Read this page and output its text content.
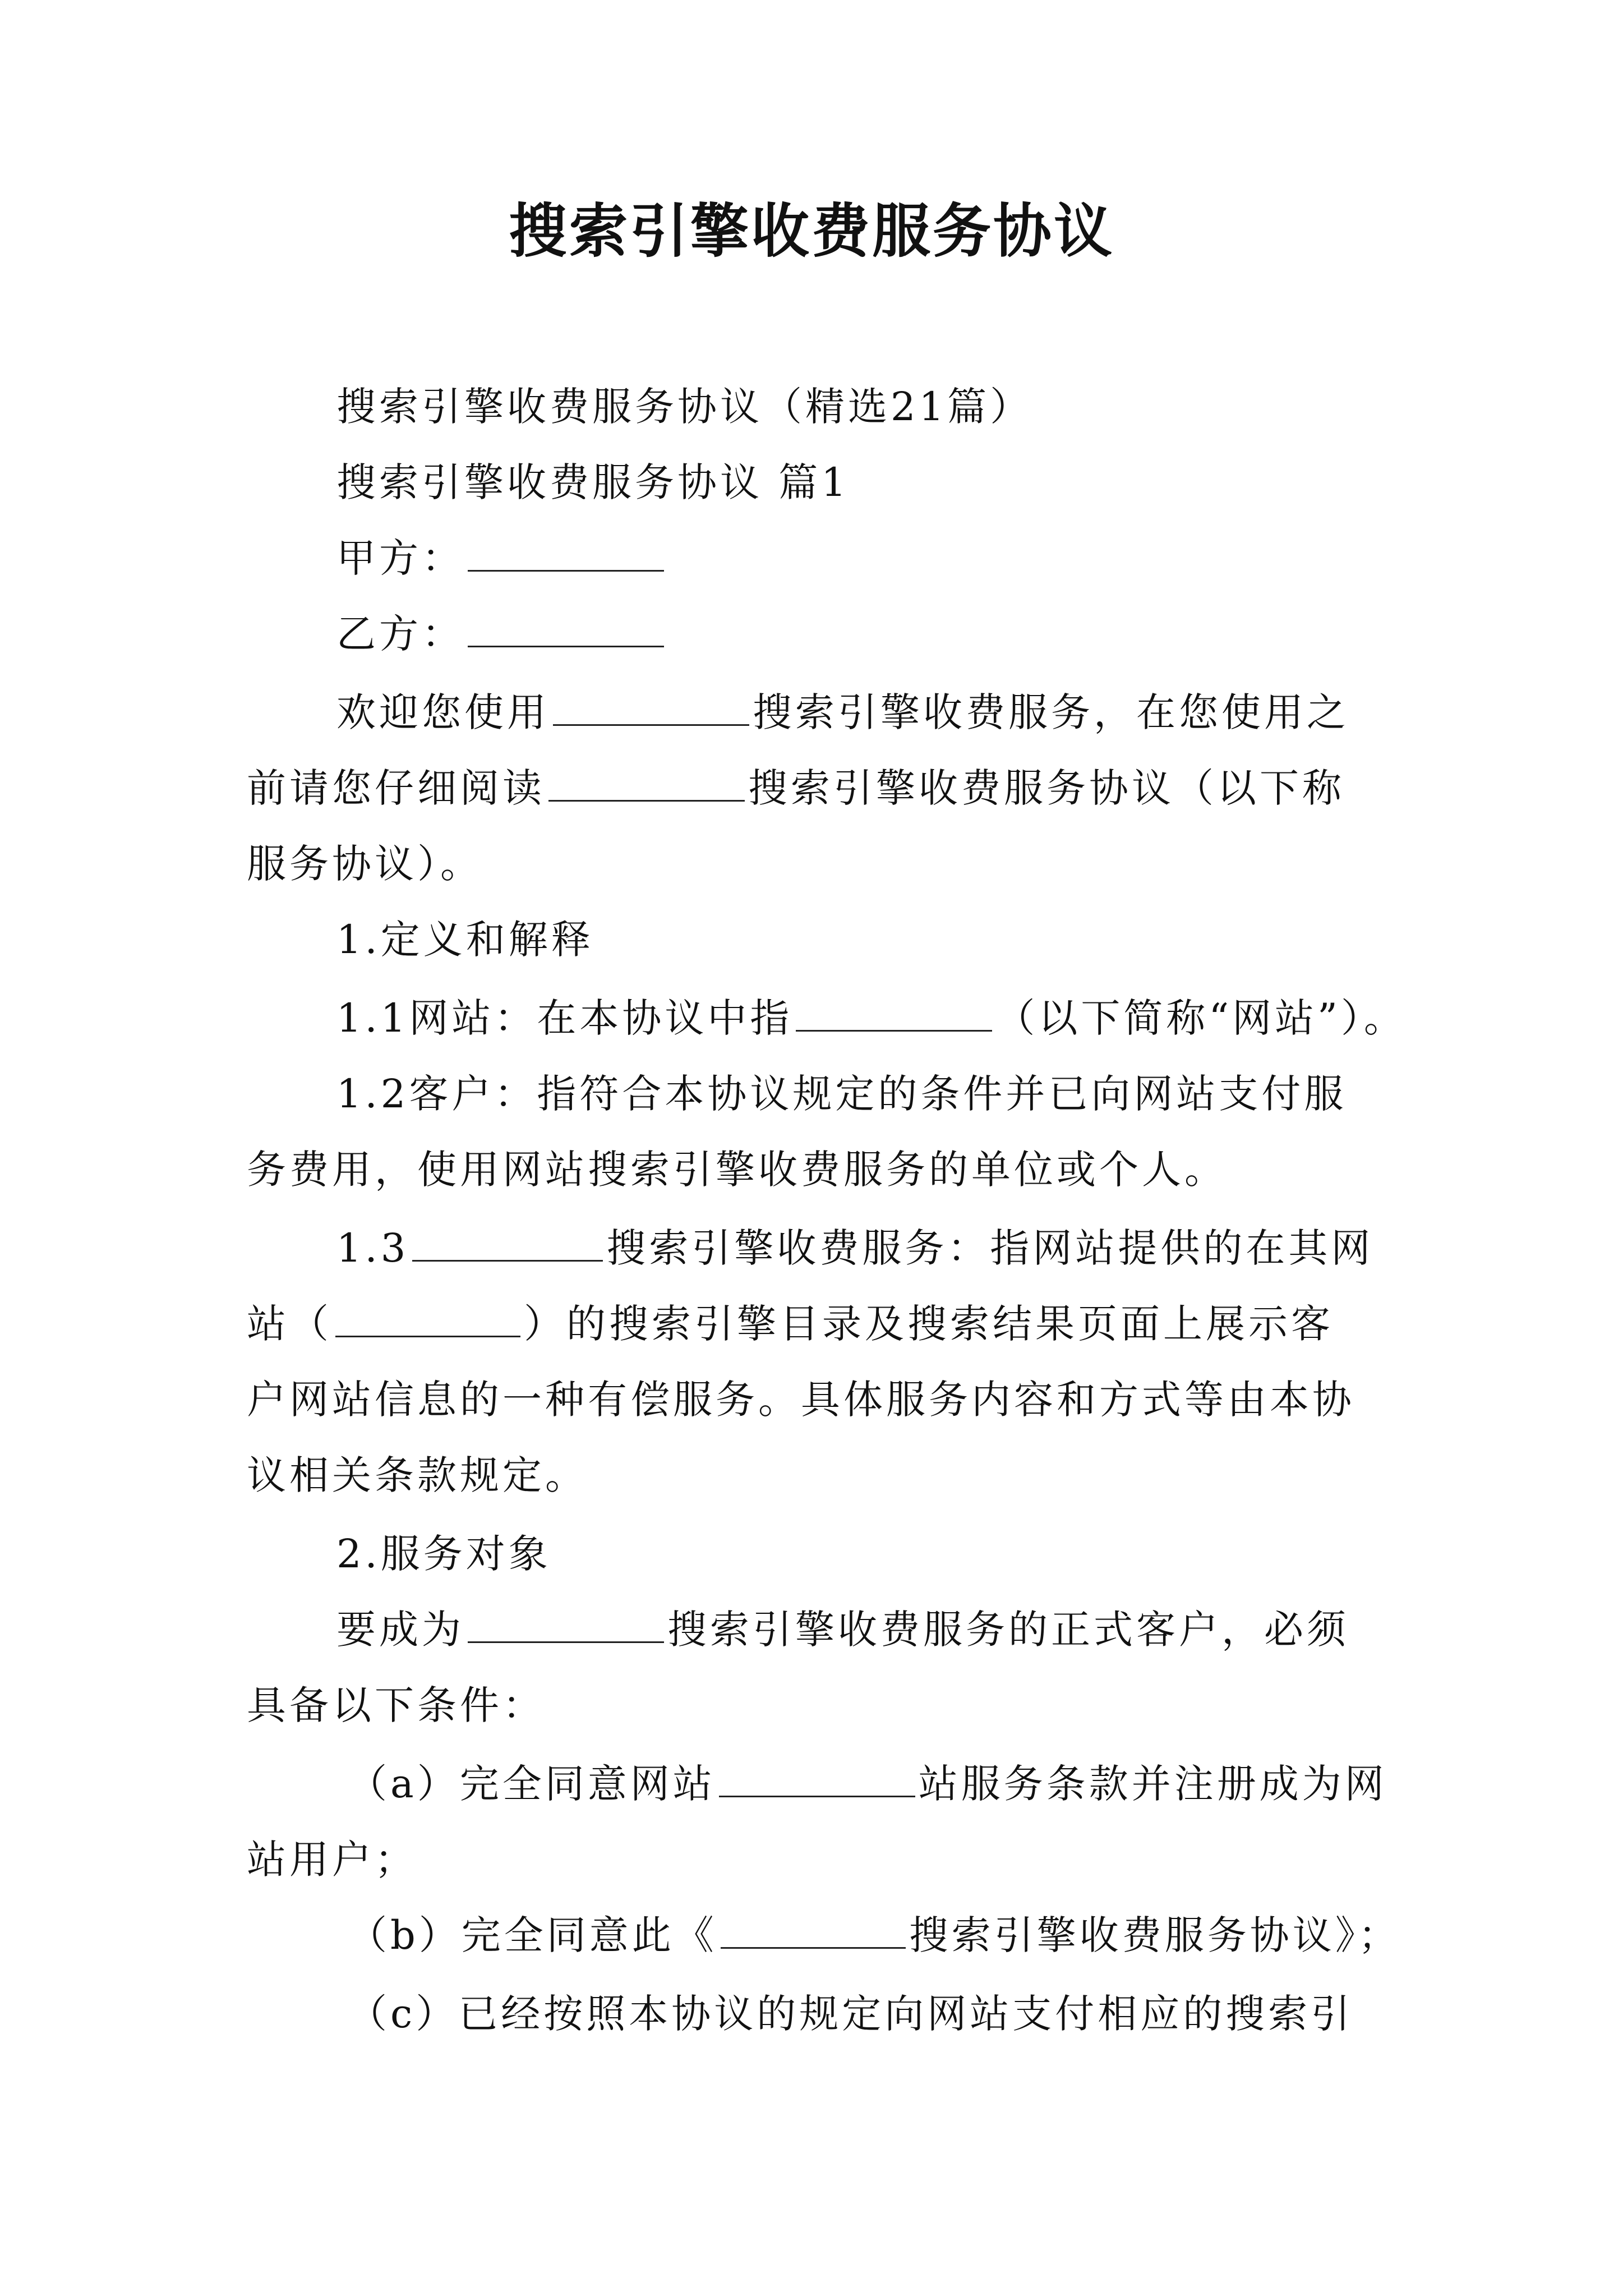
搜索引擎收费服务协议
搜索引擎收费服务协议（精选21篇）
搜索引擎收费服务协议 篇1
甲方：
乙方：
欢迎您使用	搜索引擎收费服务，在您使用之
前请您仔细阅读	搜索引擎收费服务协议（以下称
服务协议）。
1.定义和解释
1.1网站：在本协议中指	（以下简称“网站”）。
1.2客户：指符合本协议规定的条件并已向网站支付服
务费用，使用网站搜索引擎收费服务的单位或个人。
1.3	搜索引擎收费服务：指网站提供的在其网
站（	）的搜索引擎目录及搜索结果页面上展示客
户网站信息的一种有偿服务。具体服务内容和方式等由本协
议相关条款规定。
2.服务对象
要成为	搜索引擎收费服务的正式客户，必须
具备以下条件：
（a）完全同意网站	站服务条款并注册成为网
站用户；
（b）完全同意此《	搜索引擎收费服务协议》；
（c）已经按照本协议的规定向网站支付相应的搜索引
